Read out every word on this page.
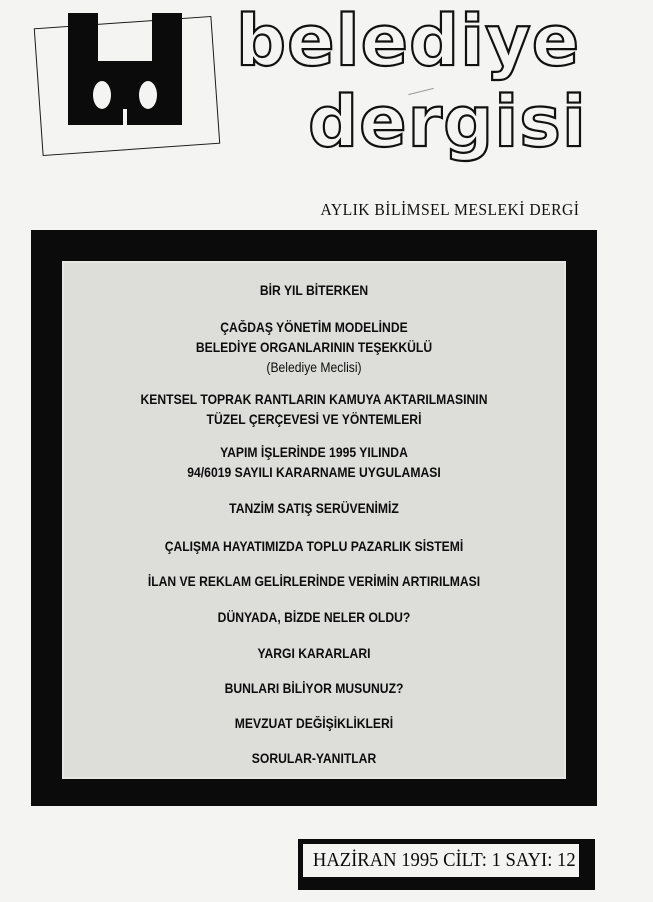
belediye
dergisi

AYLIK BİLİMSEL MESLEKİ DERGİ

BİR YIL BİTERKEN
ÇAĞDAŞ YÖNETİM MODELİNDE
BELEDİYE ORGANLARININ TEŞEKKÜLÜ
(Belediye Meclisi)
KENTSEL TOPRAK RANTLARIN KAMUYA AKTARILMASININ
TÜZEL ÇERÇEVESİ VE YÖNTEMLERİ
YAPIM İŞLERİNDE 1995 YILINDA
94/6019 SAYILI KARARNAME UYGULAMASI
TANZİM SATIŞ SERÜVENİMİZ
ÇALIŞMA HAYATIMIZDA TOPLU PAZARLIK SİSTEMİ
İLAN VE REKLAM GELİRLERİNDE VERİMİN ARTIRILMASI
DÜNYADA, BİZDE NELER OLDU?
YARGI KARARLARI
BUNLARI BİLİYOR MUSUNUZ?
MEVZUAT DEĞİŞİKLİKLERİ
SORULAR-YANITLAR
HAZİRAN 1995 CİLT: 1 SAYI: 12
